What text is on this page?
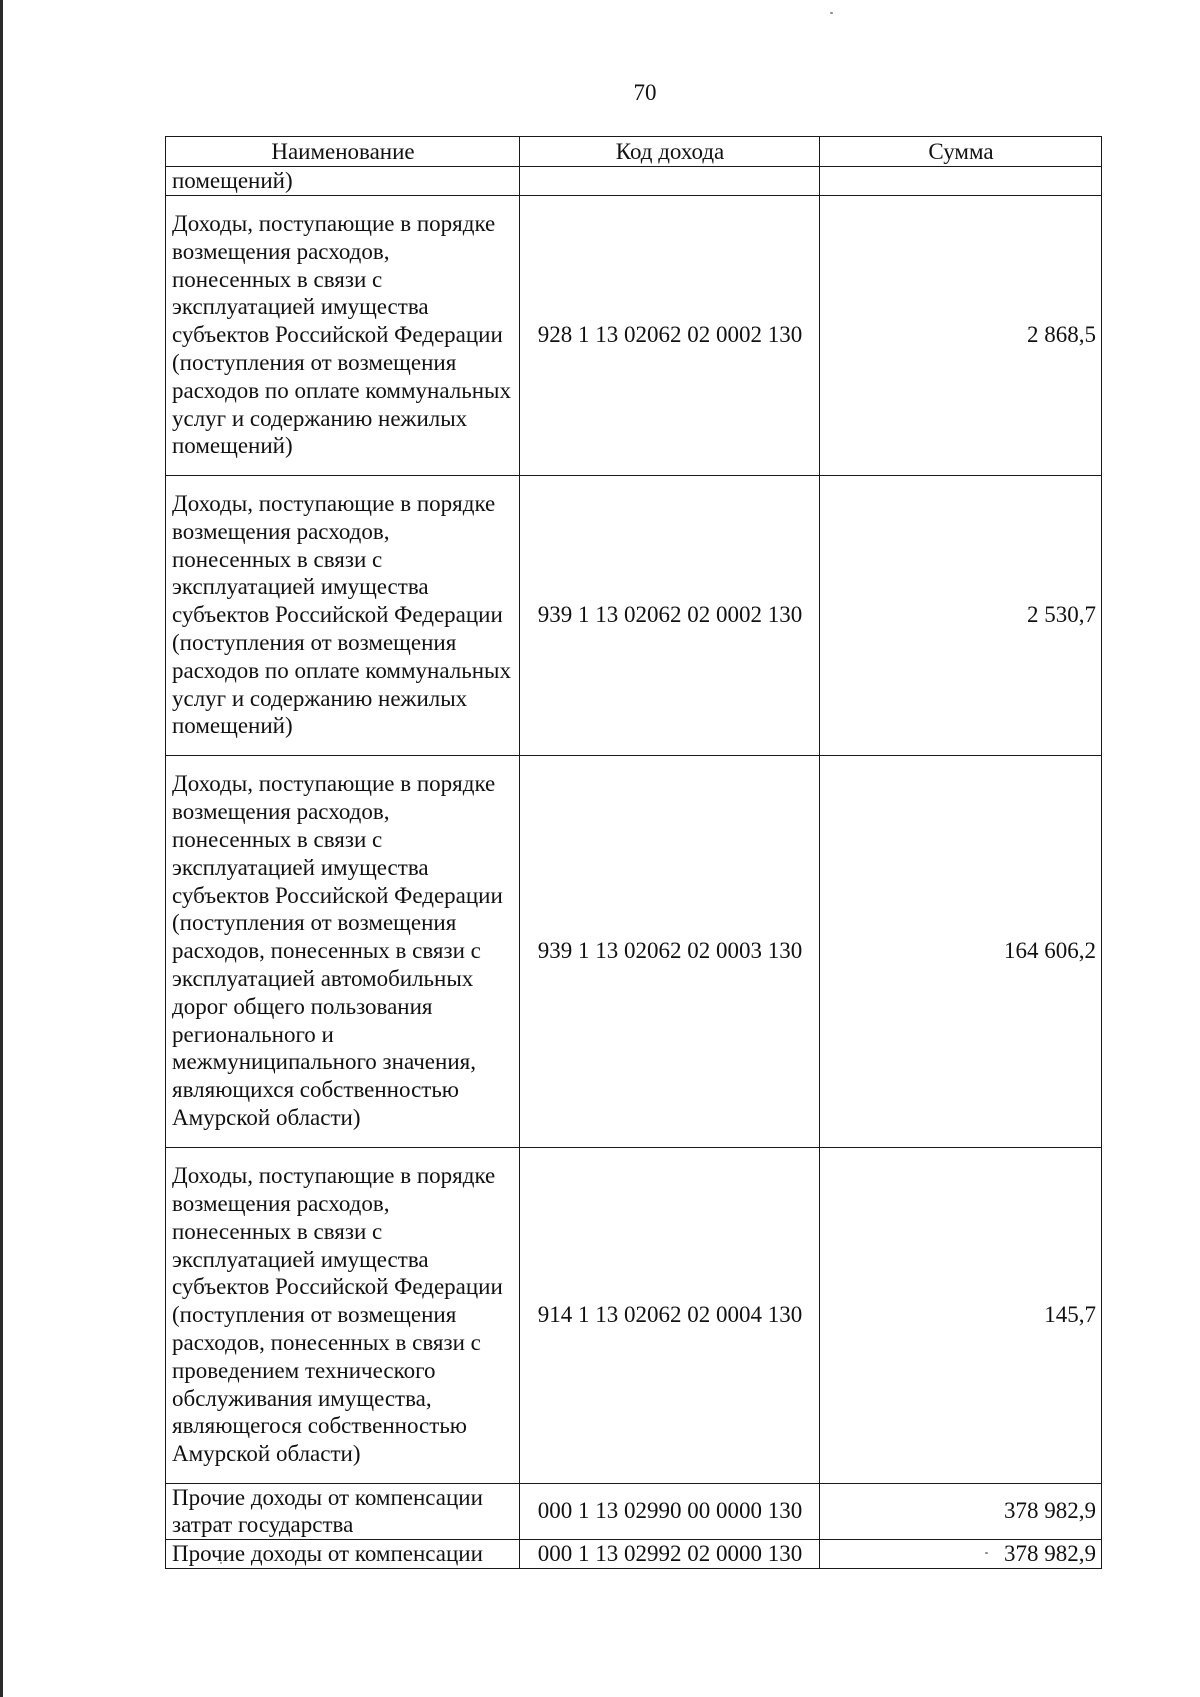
70
Наименование	Код дохода	Сумма
помещений)		
Доходы, поступающие в порядке возмещения расходов, понесенных в связи с эксплуатацией имущества субъектов Российской Федерации (поступления от возмещения расходов по оплате коммунальных услуг и содержанию нежилых помещений)	928 1 13 02062 02 0002 130	2 868,5
Доходы, поступающие в порядке возмещения расходов, понесенных в связи с эксплуатацией имущества субъектов Российской Федерации (поступления от возмещения расходов по оплате коммунальных услуг и содержанию нежилых помещений)	939 1 13 02062 02 0002 130	2 530,7
Доходы, поступающие в порядке возмещения расходов, понесенных в связи с эксплуатацией имущества субъектов Российской Федерации (поступления от возмещения расходов, понесенных в связи с эксплуатацией автомобильных дорог общего пользования регионального и межмуниципального значения, являющихся собственностью Амурской области)	939 1 13 02062 02 0003 130	164 606,2
Доходы, поступающие в порядке возмещения расходов, понесенных в связи с эксплуатацией имущества субъектов Российской Федерации (поступления от возмещения расходов, понесенных в связи с проведением технического обслуживания имущества, являющегося собственностью Амурской области)	914 1 13 02062 02 0004 130	145,7
Прочие доходы от компенсации затрат государства	000 1 13 02990 00 0000 130	378 982,9
Прочие доходы от компенсации	000 1 13 02992 02 0000 130	378 982,9
